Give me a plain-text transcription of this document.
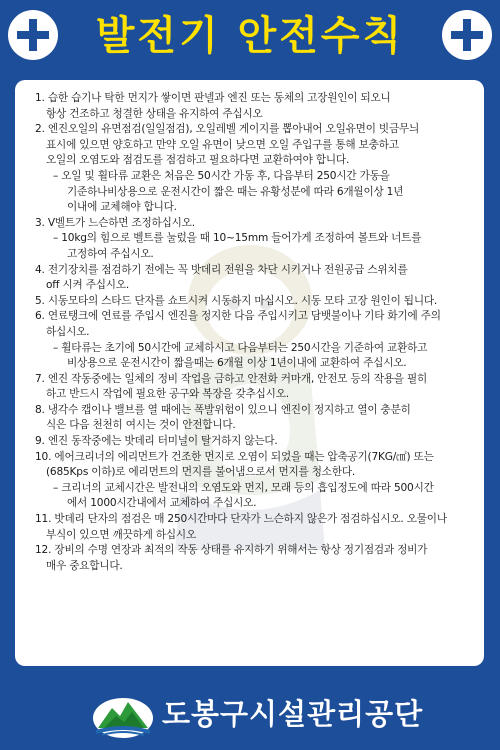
발전기 안전수칙
1. 습한 습기나 탁한 먼지가 쌓이면 판넬과 엔진 또는 동체의 고장원인이 되오니
항상 건조하고 청결한 상태을 유지하여 주십시오
2. 엔진오일의 유면점검(일일점검), 오일레벨 게이지를 뽑아내어 오일유면이 빗금무늬
표시에 있으면 양호하고 만약 오일 유면이 낮으면 오일 주입구를 통해 보충하고
오일의 오염도와 점검도를 점검하고 필요하다면 교환하여야 합니다.
– 오일 및 휠타류 교환은 처음은 50시간 가동 후, 다음부터 250시간 가동을
기준하나비상용으로 운전시간이 짧은 때는 유황성분에 따라 6개월이상 1년
이내에 교체해야 합니다.
3. V벨트가 느슨하면 조정하십시오.
– 10kg의 힘으로 벨트를 눌렀을 때 10~15mm 들어가게 조정하여 볼트와 너트를
고정하여 주십시오.
4. 전기장치를 점검하기 전에는 꼭 밧데리 전원을 차단 시키거나 전원공급 스위치를
off 시켜 주십시오.
5. 시동모타의 스타드 단자를 쇼트시켜 시동하지 마십시오. 시동 모타 고장 원인이 됩니다.
6. 연료탱크에 연료를 주입시 엔진을 정지한 다음 주입시키고 담뱃불이나 기타 화기에 주의
하십시오.
– 휠타류는 초기에 50시간에 교체하시고 다음부터는 250시간을 기준하여 교환하고
비상용으로 운전시간이 짧을때는 6개월 이상 1년이내에 교환하여 주십시오.
7. 엔진 작동중에는 일체의 정비 작업을 금하고 안전화 커마개, 안전모 등의 작용을 필히
하고 반드시 작업에 필요한 공구와 복장을 갖추십시오.
8. 냉각수 캡이나 밸브를 열 때에는 폭발위험이 있으니 엔진이 정지하고 열이 충분히
식은 다음 천천히 여시는 것이 안전합니다.
9. 엔진 동작중에는 밧데리 터미널이 탈거하지 않는다.
10. 에어크리너의 에리먼트가 건조한 먼지로 오염이 되었을 때는 압축공기(7KG/㎠) 또는
(685Kps 이하)로 에리먼트의 먼지를 불어냄으로서 먼지를 청소한다.
– 크리너의 교체시간은 발전내의 오염도와 먼지, 모래 등의 흡입정도에 따라 500시간
에서 1000시간내에서 교체하여 주십시오.
11. 밧데리 단자의 점검은 매 250시간마다 단자가 느슨하지 않은가 점검하십시오. 오물이나
부식이 있으면 깨끗하게 하십시오
12. 장비의 수명 연장과 최적의 작동 상태를 유지하기 위해서는 항상 정기점검과 정비가
매우 중요합니다.
도봉구시설관리공단
